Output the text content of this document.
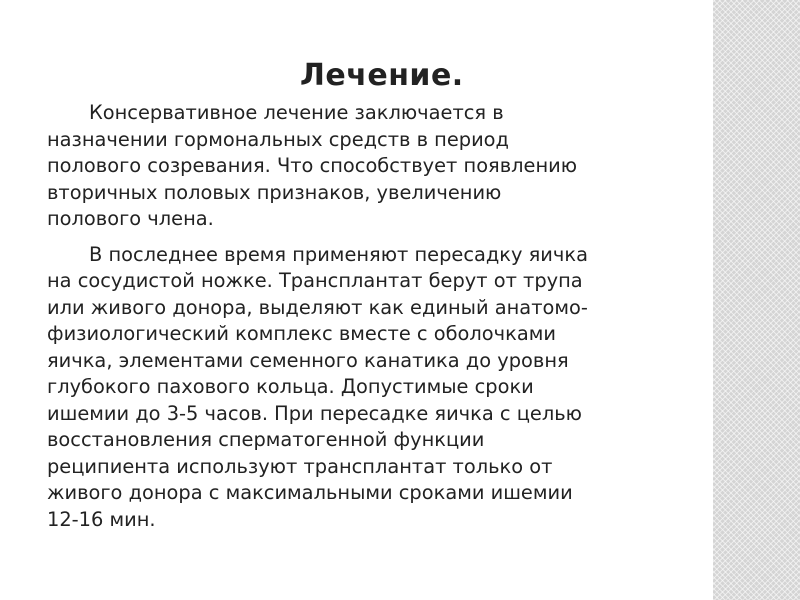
Лечение.

Консервативное лечение заключается в
назначении гормональных средств в период
полового созревания. Что способствует появлению
вторичных половых признаков, увеличению
полового члена.

В последнее время применяют пересадку яичка
на сосудистой ножке. Трансплантат берут от трупа
или живого донора, выделяют как единый анатомо-
физиологический комплекс вместе с оболочками
яичка, элементами семенного канатика до уровня
глубокого пахового кольца. Допустимые сроки
ишемии до 3-5 часов. При пересадке яичка с целью
восстановления сперматогенной функции
реципиента используют трансплантат только от
живого донора с максимальными сроками ишемии
12-16 мин.
